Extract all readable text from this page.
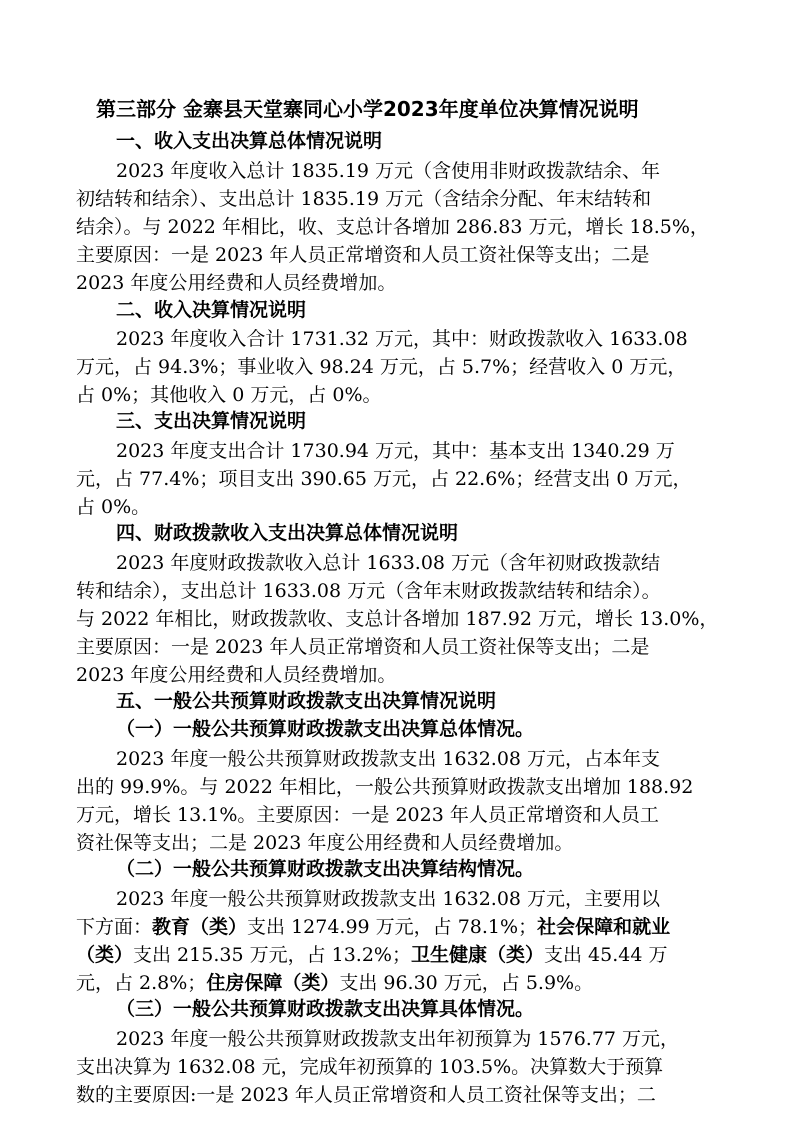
第三部分 金寨县天堂寨同心小学2023年度单位决算情况说明
一、收入支出决算总体情况说明
2023 年度收入总计 1835.19 万元（含使用非财政拨款结余、年
初结转和结余）、支出总计 1835.19 万元（含结余分配、年末结转和
结余）。与 2022 年相比，收、支总计各增加 286.83 万元，增长 18.5%，
主要原因：一是 2023 年人员正常增资和人员工资社保等支出；二是
2023 年度公用经费和人员经费增加。
二、收入决算情况说明
2023 年度收入合计 1731.32 万元，其中：财政拨款收入 1633.08
万元，占 94.3%；事业收入 98.24 万元，占 5.7%；经营收入 0 万元，
占 0%；其他收入 0 万元，占 0%。
三、支出决算情况说明
2023 年度支出合计 1730.94 万元，其中：基本支出 1340.29 万
元，占 77.4%；项目支出 390.65 万元，占 22.6%；经营支出 0 万元，
占 0%。
四、财政拨款收入支出决算总体情况说明
2023 年度财政拨款收入总计 1633.08 万元（含年初财政拨款结
转和结余），支出总计 1633.08 万元（含年末财政拨款结转和结余）。
与 2022 年相比，财政拨款收、支总计各增加 187.92 万元，增长 13.0%，
主要原因：一是 2023 年人员正常增资和人员工资社保等支出；二是
2023 年度公用经费和人员经费增加。
五、一般公共预算财政拨款支出决算情况说明
（一）一般公共预算财政拨款支出决算总体情况。
2023 年度一般公共预算财政拨款支出 1632.08 万元，占本年支
出的 99.9%。与 2022 年相比，一般公共预算财政拨款支出增加 188.92
万元，增长 13.1%。主要原因：一是 2023 年人员正常增资和人员工
资社保等支出；二是 2023 年度公用经费和人员经费增加。
（二）一般公共预算财政拨款支出决算结构情况。
2023 年度一般公共预算财政拨款支出 1632.08 万元，主要用以
下方面：教育（类）支出 1274.99 万元，占 78.1%；社会保障和就业
（类）支出 215.35 万元，占 13.2%；卫生健康（类）支出 45.44 万
元，占 2.8%；住房保障（类）支出 96.30 万元，占 5.9%。
（三）一般公共预算财政拨款支出决算具体情况。
2023 年度一般公共预算财政拨款支出年初预算为 1576.77 万元，
支出决算为 1632.08 元，完成年初预算的 103.5%。决算数大于预算
数的主要原因:一是 2023 年人员正常增资和人员工资社保等支出；二
